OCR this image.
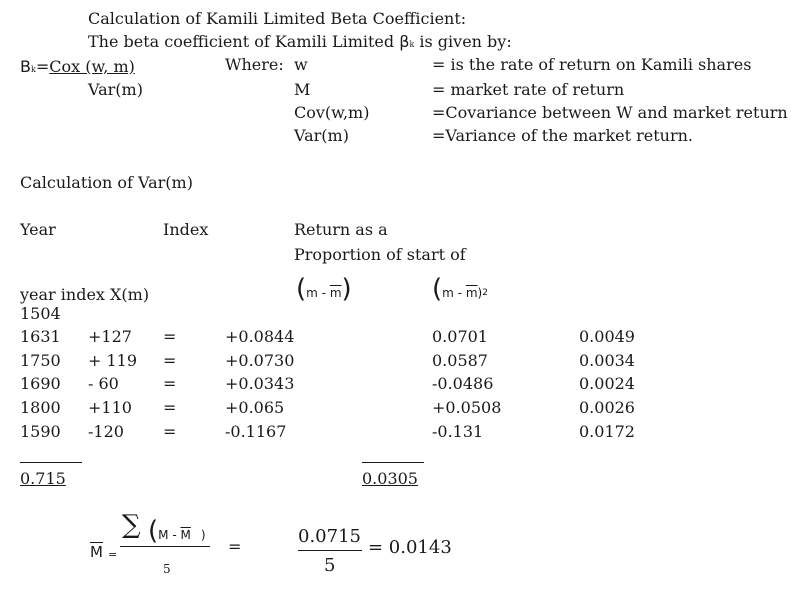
Calculation of Kamili Limited Beta Coefficient:
The beta coefficient of Kamili Limited βk is given by:
Bk=Cox (w, m)
Var(m)
Where: w	= is the rate of return on Kamili shares
M	= market rate of return
Cov(w,m)	=Covariance between W and market return
Var(m)	=Variance of the market return.
Calculation of Var(m)
Year	Index	Return as a
Proportion of start of
year index X(m)	$(m - \overline{m})$	$(m - \overline{m})^2$
1504
1631 +127 =	+0.0844	0.0701	0.0049
1750 + 119 =	+0.0730	0.0587	0.0034
1690 - 60	=	+0.0343	-0.0486	0.0024
1800 +110 =	+0.065	+0.0508	0.0026
1590 -120 =	-0.1167	-0.131	0.0172
0.715	0.0305
$\overline{M}$ =
∑ ($M - \overline{M}$ )
5
=	0.0715
5
= 0.0143
